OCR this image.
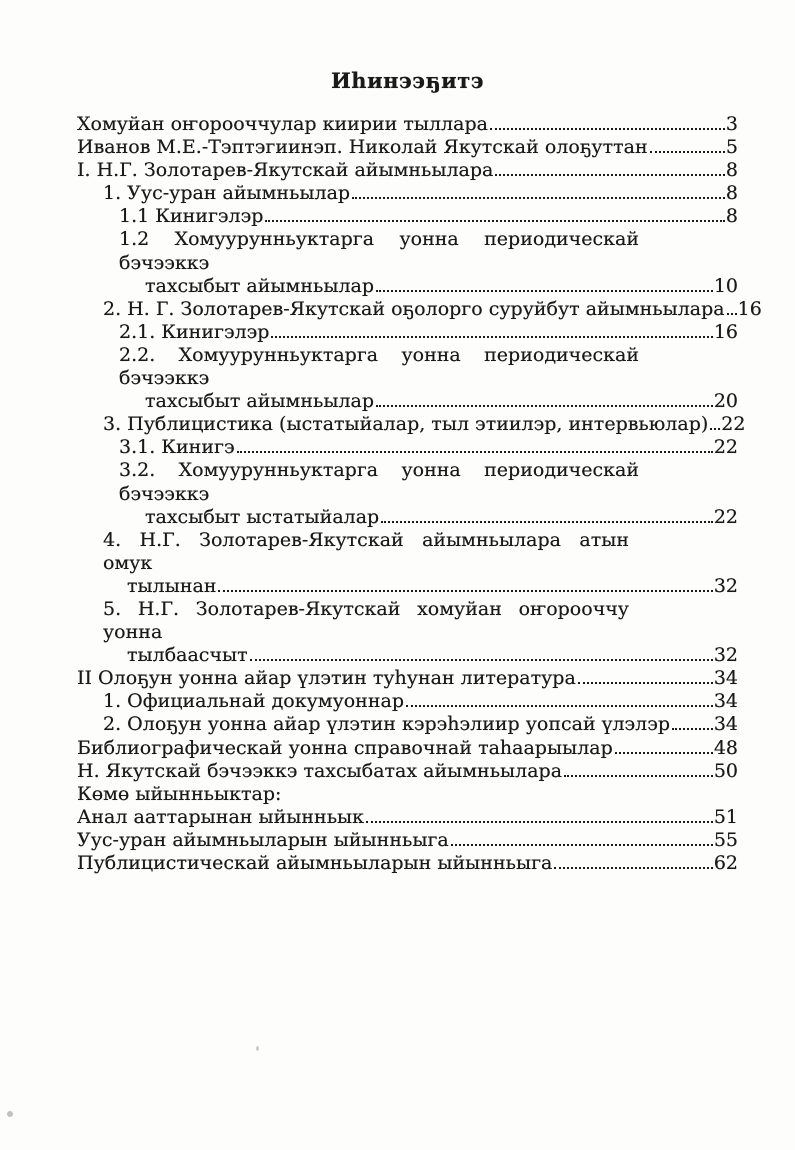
Иһинээҕитэ
Хомуйан оҥорооччулар киирии тыллара	3
Иванов М.Е.-Тэптэгиинэп. Николай Якутскай олоҕуттан	5
I. Н.Г. Золотарев-Якутскай айымньылара	8
1. Уус-уран айымньылар	8
1.1 Кинигэлэр	8
1.2 Хомуурунньуктарга уонна периодическай бэчээккэ
тахсыбыт айымньылар	10
2. Н. Г. Золотарев-Якутскай оҕолорго суруйбут айымньылара 16
2.1. Кинигэлэр	16
2.2. Хомуурунньуктарга уонна периодическай бэчээккэ
тахсыбыт айымньылар	20
3. Публицистика (ыстатыйалар, тыл этиилэр, интервьюлар) 22
3.1. Кинигэ	22
3.2. Хомуурунньуктарга уонна периодическай бэчээккэ
тахсыбыт ыстатыйалар	22
4. Н.Г. Золотарев-Якутскай айымньылара атын омук
тылынан	32
5. Н.Г. Золотарев-Якутскай хомуйан оҥорооччу уонна
тылбаасчыт	32
II Олоҕун уонна айар үлэтин туһунан литература	34
1. Официальнай докумуоннар	34
2. Олоҕун уонна айар үлэтин кэрэһэлиир уопсай үлэлэр 34
Библиографическай уонна справочнай таһаарыылар	48
Н. Якутскай бэчээккэ тахсыбатах айымньылара	50
Көмө ыйынньыктар:
Анал ааттарынан ыйынньык	51
Уус-уран айымньыларын ыйынньыга	55
Публицистическай айымньыларын ыйынньыга	62
